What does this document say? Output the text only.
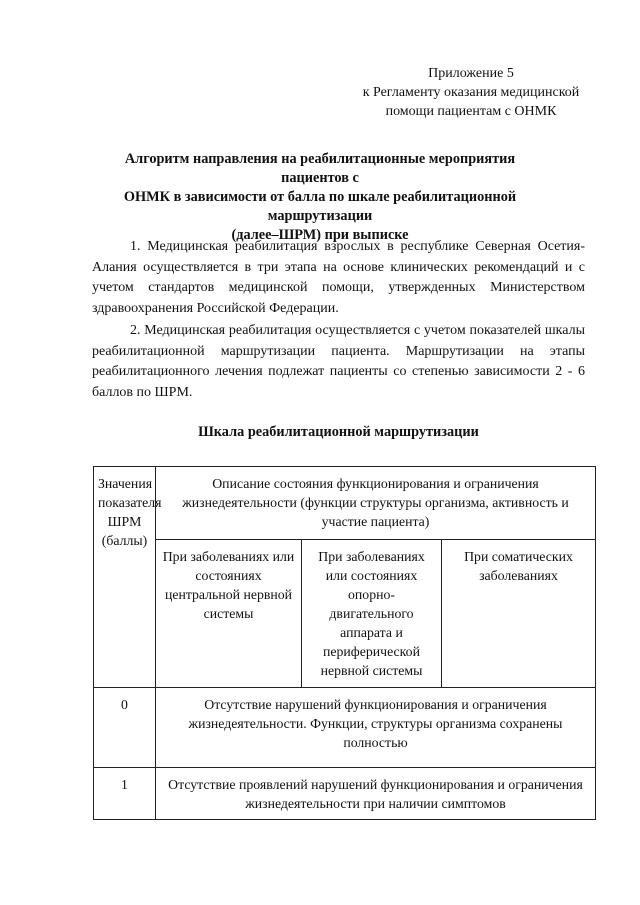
Приложение 5
к Регламенту оказания медицинской
помощи пациентам с ОНМК
Алгоритм направления на реабилитационные мероприятия пациентов с
ОНМК в зависимости от балла по шкале реабилитационной маршрутизации
(далее–ШРМ) при выписке

1. Медицинская реабилитация взрослых в республике Северная Осетия-Алания осуществляется в три этапа на основе клинических рекомендаций и с учетом стандартов медицинской помощи, утвержденных Министерством здравоохранения Российской Федерации.

2. Медицинская реабилитация осуществляется с учетом показателей шкалы реабилитационной маршрутизации пациента. Маршрутизации на этапы реабилитационного лечения подлежат пациенты со степенью зависимости 2 - 6 баллов по ШРМ.

Шкала реабилитационной маршрутизации
Значения
показателя
ШРМ
(баллы)	Описание состояния функционирования и ограничения жизнедеятельности (функции структуры организма, активность и участие пациента)		
	При заболеваниях или состояниях центральной нервной системы	При заболеваниях или состояниях опорно-двигательного аппарата и периферической нервной системы	При соматических заболеваниях
0	Отсутствие нарушений функционирования и ограничения жизнедеятельности. Функции, структуры организма сохранены полностью		
1	Отсутствие проявлений нарушений функционирования и ограничения жизнедеятельности при наличии симптомов		
